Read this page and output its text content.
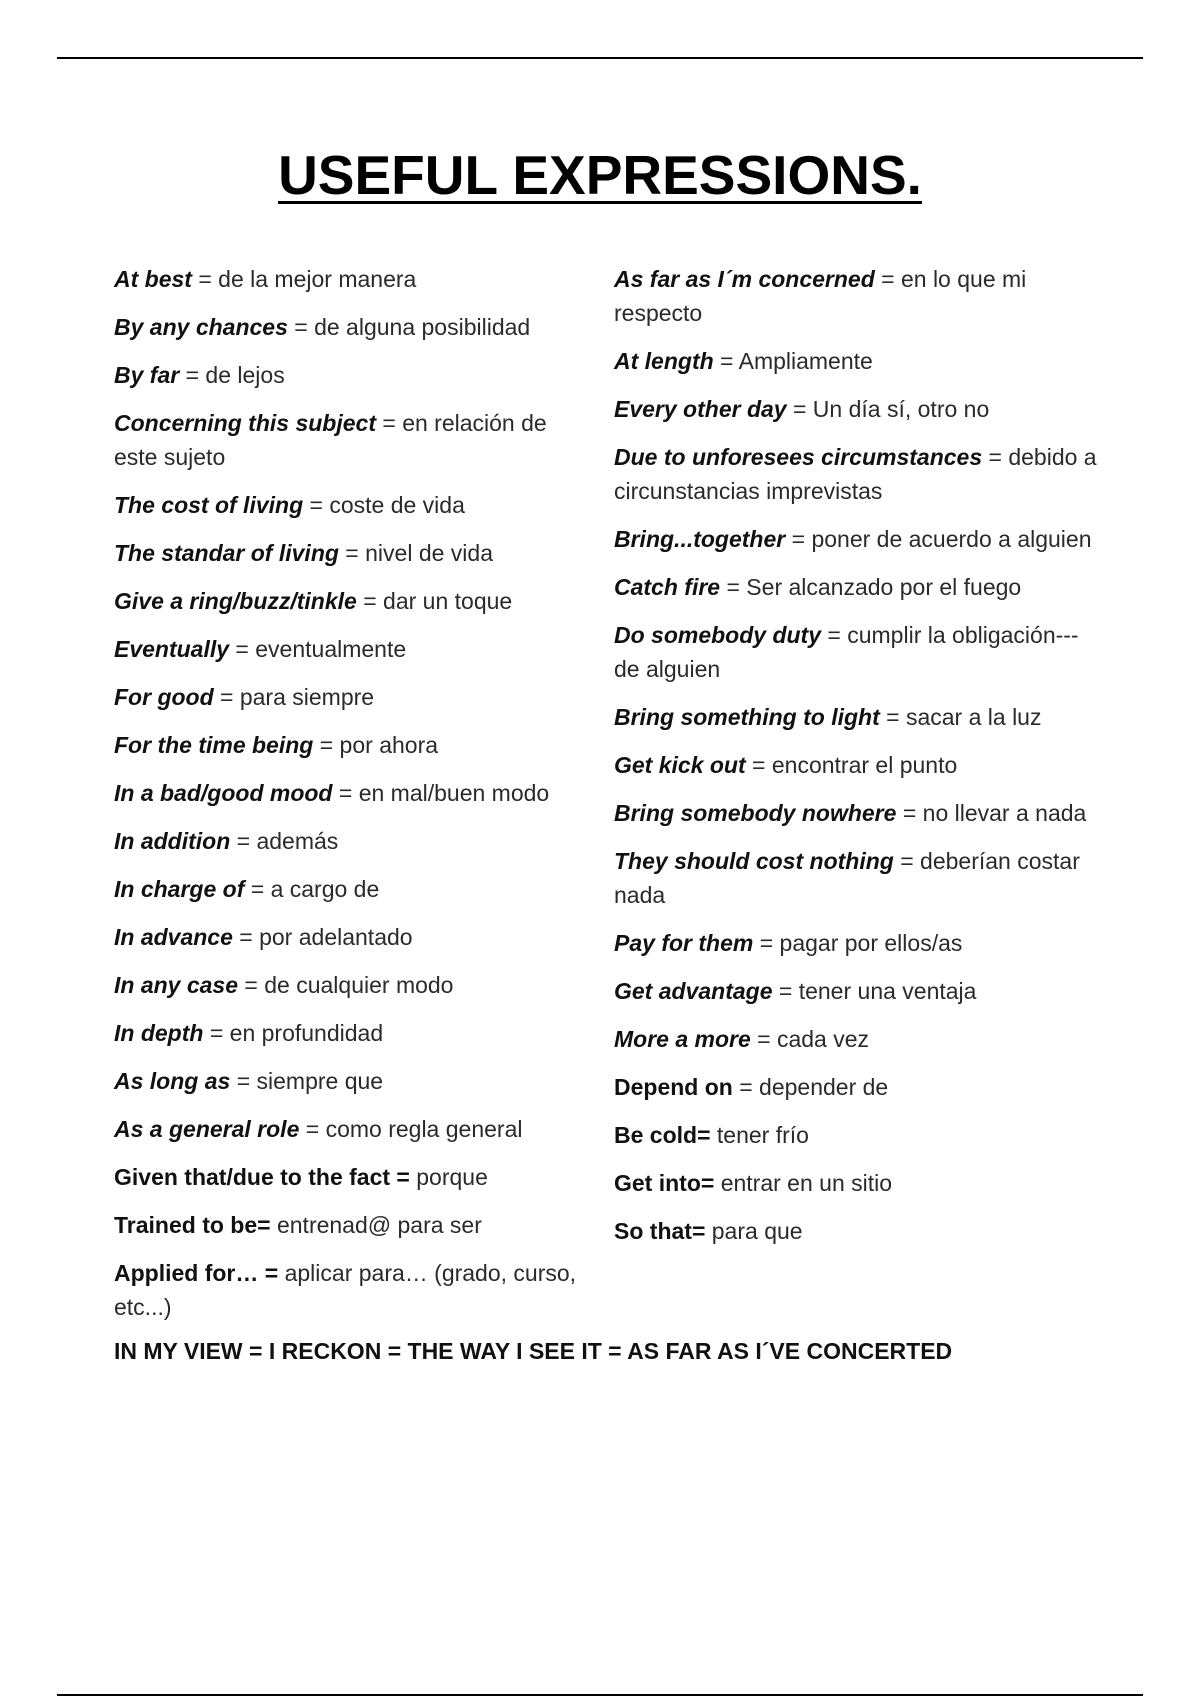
USEFUL EXPRESSIONS.
At best = de la mejor manera
By any chances = de alguna posibilidad
By far = de lejos
Concerning this subject = en relación de este sujeto
The cost of living = coste de vida
The standar of living = nivel de vida
Give a ring/buzz/tinkle = dar un toque
Eventually = eventualmente
For good = para siempre
For the time being = por ahora
In a bad/good mood = en mal/buen modo
In addition = además
In charge of = a cargo de
In advance = por adelantado
In any case = de cualquier modo
In depth = en profundidad
As long as = siempre que
As a general role = como regla general
Given that/due to the fact = porque
Trained to be= entrenad@ para ser
Applied for… = aplicar para… (grado, curso, etc...)
As far as I´m concerned = en lo que mi respecto
At length = Ampliamente
Every other day = Un día sí, otro no
Due to unforesees circumstances = debido a circunstancias imprevistas
Bring...together = poner de acuerdo a alguien
Catch fire = Ser alcanzado por el fuego
Do somebody duty = cumplir la obligación--- de alguien
Bring something to light = sacar a la luz
Get kick out = encontrar el punto
Bring somebody nowhere = no llevar a nada
They should cost nothing = deberían costar nada
Pay for them = pagar por ellos/as
Get advantage = tener una ventaja
More a more = cada vez
Depend on = depender de
Be cold= tener frío
Get into= entrar en un sitio
So that= para que
IN MY VIEW = I RECKON = THE WAY I SEE IT = AS FAR AS I´VE CONCERTED
